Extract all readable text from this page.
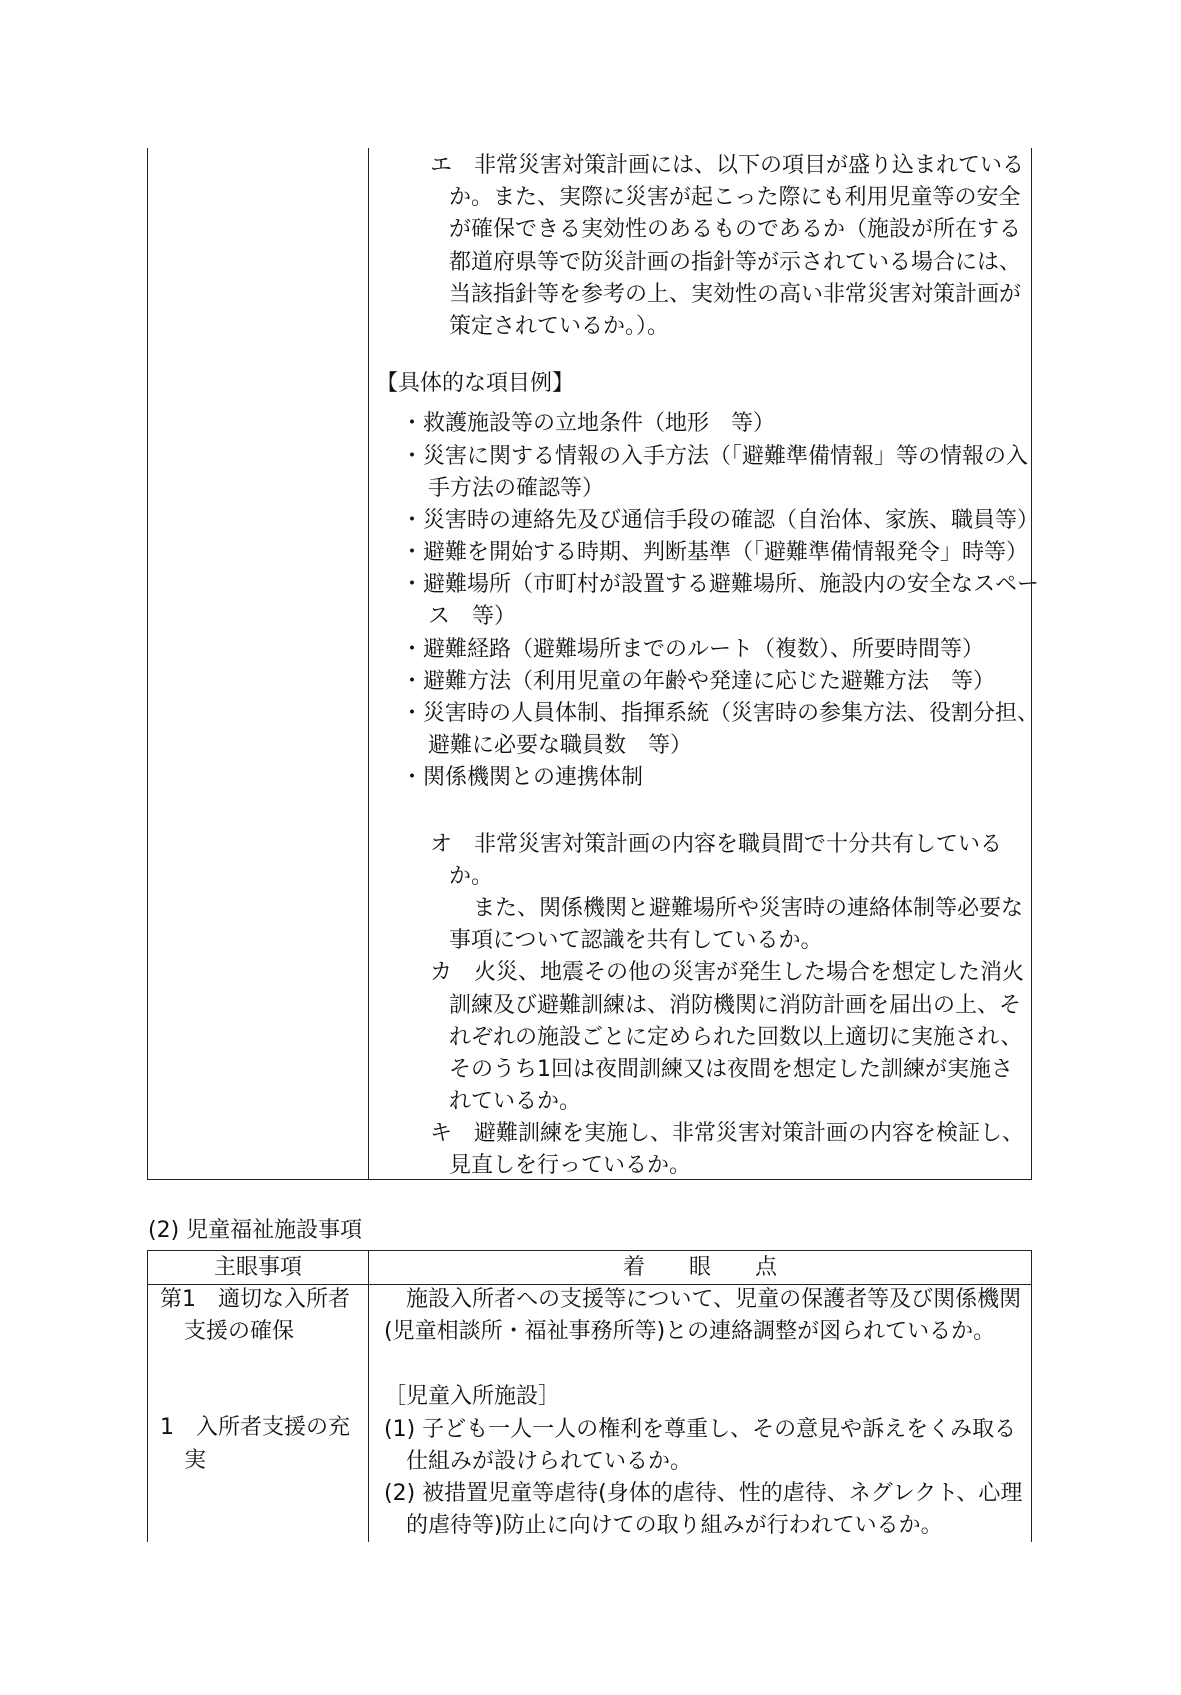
エ　非常災害対策計画には、以下の項目が盛り込まれている
か。また、実際に災害が起こった際にも利用児童等の安全
が確保できる実効性のあるものであるか（施設が所在する
都道府県等で防災計画の指針等が示されている場合には、
当該指針等を参考の上、実効性の高い非常災害対策計画が
策定されているか。）。
【具体的な項目例】
・救護施設等の立地条件（地形　等）
・災害に関する情報の入手方法（「避難準備情報」等の情報の入
手方法の確認等）
・災害時の連絡先及び通信手段の確認（自治体、家族、職員等）
・避難を開始する時期、判断基準（「避難準備情報発令」時等）
・避難場所（市町村が設置する避難場所、施設内の安全なスペー
ス　等）
・避難経路（避難場所までのルート（複数）、所要時間等）
・避難方法（利用児童の年齢や発達に応じた避難方法　等）
・災害時の人員体制、指揮系統（災害時の参集方法、役割分担、
避難に必要な職員数　等）
・関係機関との連携体制
オ　非常災害対策計画の内容を職員間で十分共有している
か。
また、関係機関と避難場所や災害時の連絡体制等必要な
事項について認識を共有しているか。
カ　火災、地震その他の災害が発生した場合を想定した消火
訓練及び避難訓練は、消防機関に消防計画を届出の上、そ
れぞれの施設ごとに定められた回数以上適切に実施され、
そのうち1回は夜間訓練又は夜間を想定した訓練が実施さ
れているか。
キ　避難訓練を実施し、非常災害対策計画の内容を検証し、
見直しを行っているか。
(2) 児童福祉施設事項
主眼事項	着　　眼　　点
第1　適切な入所者
支援の確保
1　入所者支援の充
実
　施設入所者への支援等について、児童の保護者等及び関係機関
(児童相談所・福祉事務所等)との連絡調整が図られているか。
［児童入所施設］
(1) 子ども一人一人の権利を尊重し、その意見や訴えをくみ取る
仕組みが設けられているか。
(2) 被措置児童等虐待(身体的虐待、性的虐待、ネグレクト、心理
的虐待等)防止に向けての取り組みが行われているか。
